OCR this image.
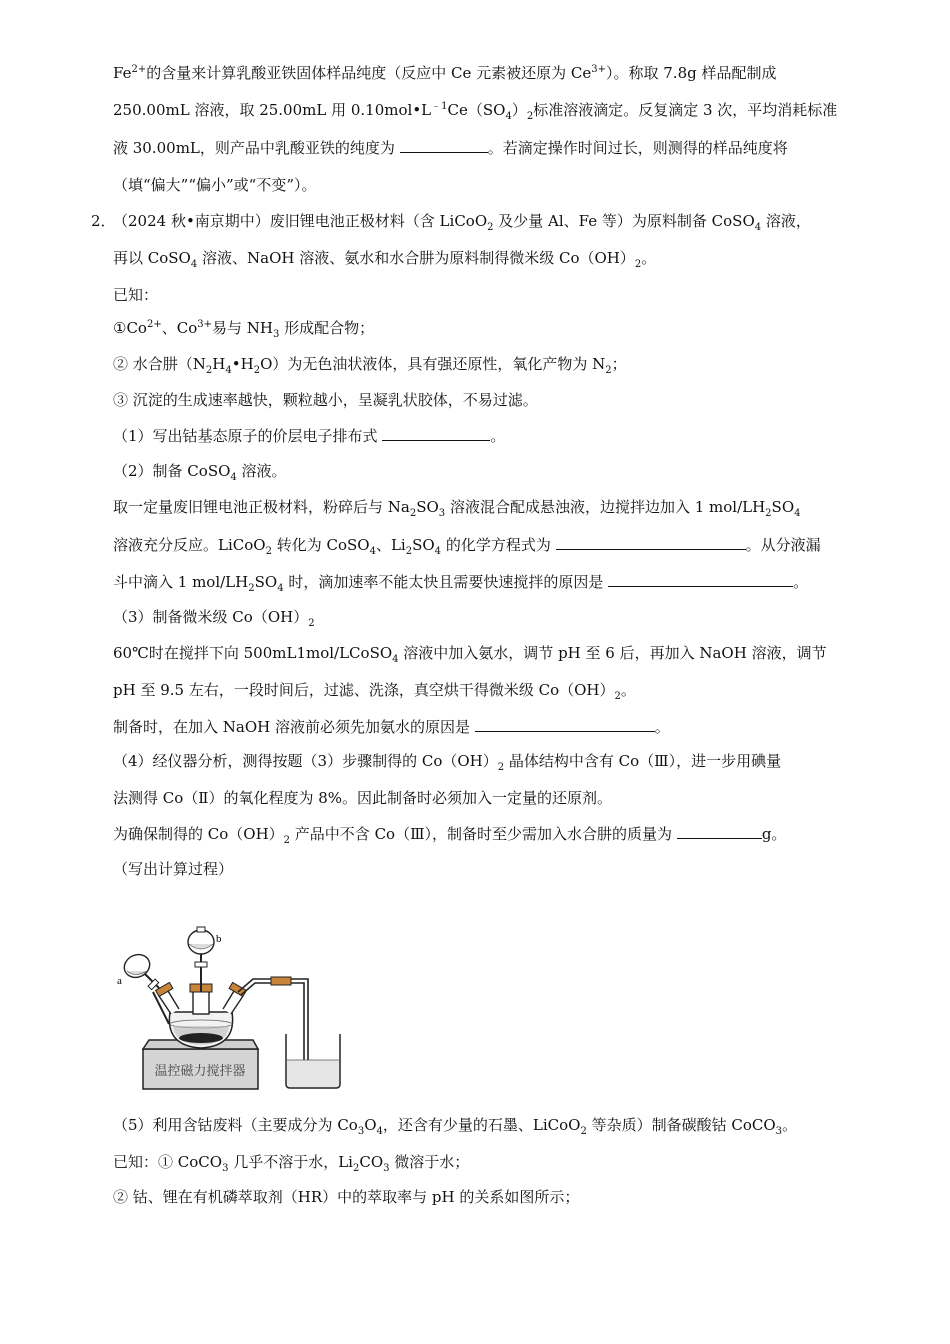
$Fe^{2+}$的含量来计算乳酸亚铁固体样品纯度（反应中 Ce 元素被还原为 $Ce^{3+}$）。称取 7.8g 样品配制成
250.00mL 溶液，取 25.00mL 用 $0.10mol•L^{﹣1}Ce(SO_4)_2$标准溶液滴定。反复滴定 3 次，平均消耗标准
液 30.00mL，则产品中乳酸亚铁的纯度为	。若滴定操作时间过长，则测得的样品纯度将
（填“偏大”“偏小”或“不变”）。
2．
（2024 秋•南京期中）废旧锂电池正极材料（含 LiCoO$_2$ 及少量 Al、Fe 等）为原料制备 CoSO$_4$ 溶液，
再以 CoSO$_4$ 溶液、NaOH 溶液、氨水和水合肼为原料制得微米级 $Co(OH)_2$。
已知：
$①Co^{2+}$、$Co^{3+}$易与 $NH_3$ 形成配合物；
② 水合肼$(N_2H_4•H_2O)$为无色油状液体，具有强还原性，氧化产物为 $N_2$；
③ 沉淀的生成速率越快，颗粒越小，呈凝乳状胶体，不易过滤。
（1）写出钴基态原子的价层电子排布式	。
（2）制备 CoSO$_4$ 溶液。
取一定量废旧锂电池正极材料，粉碎后与 $Na_2SO_3$ 溶液混合配成悬浊液，边搅拌边加入 1 mol/$LH_2SO_4$
溶液充分反应。LiCoO$_2$ 转化为 CoSO$_4$、$Li_2SO_4$ 的化学方程式为	。从分液漏
斗中滴入 1 mol/$LH_2SO_4$ 时，滴加速率不能太快且需要快速搅拌的原因是	。
（3）制备微米级 $Co(OH)_2$
60℃时在搅拌下向 500mL1mol/LCoSO$_4$ 溶液中加入氨水，调节 pH 至 6 后，再加入 NaOH 溶液，调节
pH 至 9.5 左右，一段时间后，过滤、洗涤，真空烘干得微米级 $Co(OH)_2$。
制备时，在加入 NaOH 溶液前必须先加氨水的原因是	。
（4）经仪器分析，测得按题（3）步骤制得的 $Co(OH)_2$ 晶体结构中含有 Co（Ⅲ），进一步用碘量
法测得 Co（Ⅱ）的氧化程度为 8%。因此制备时必须加入一定量的还原剂。
为确保制得的 $Co(OH)_2$ 产品中不含 Co（Ⅲ），制备时至少需加入水合肼的质量为	g。
（写出计算过程）
温控磁力搅拌器
b
a
（5）利用含钴废料（主要成分为 $Co_3O_4$，还含有少量的石墨、LiCoO$_2$ 等杂质）制备碳酸钴 CoCO$_3$。
已知：① CoCO$_3$ 几乎不溶于水，$Li_2CO_3$ 微溶于水；
② 钴、锂在有机磷萃取剂（HR）中的萃取率与 pH 的关系如图所示；
